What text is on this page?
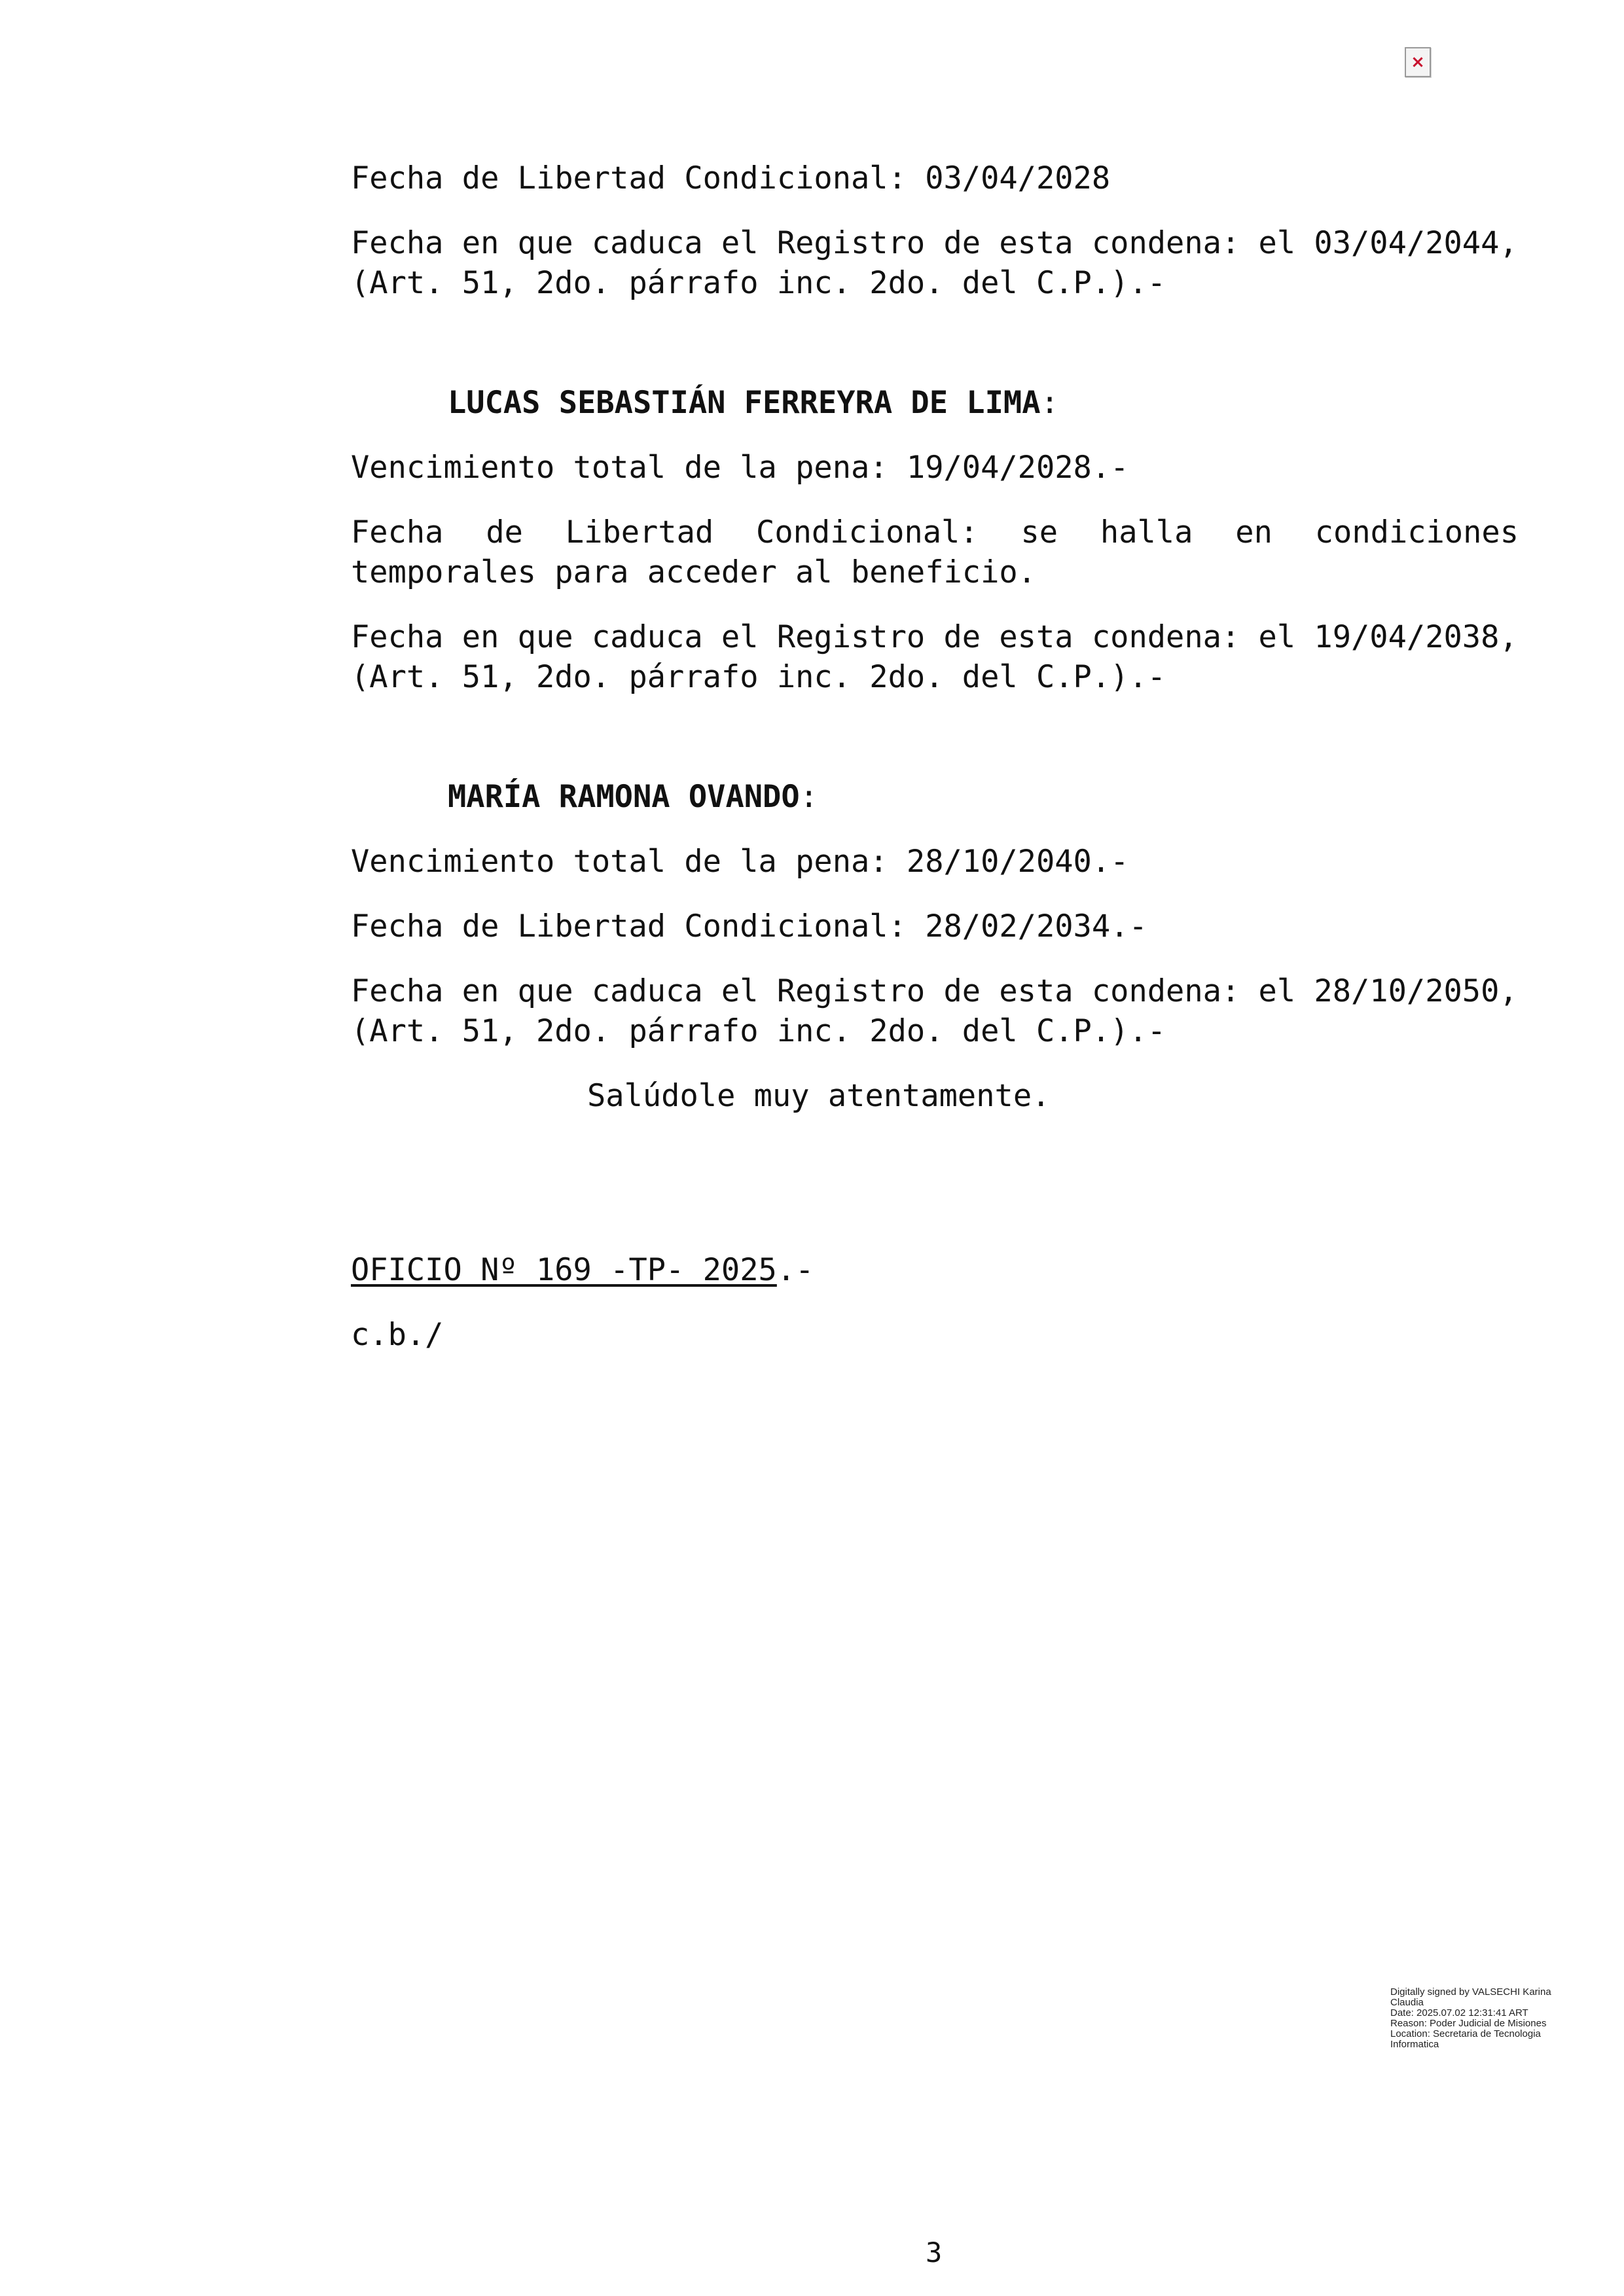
×

Fecha de Libertad Condicional: 03/04/2028

Fecha en que caduca el Registro de esta condena: el 03/04/2044,

(Art. 51, 2do. párrafo inc. 2do. del C.P.).-

LUCAS SEBASTIÁN FERREYRA DE LIMA:

Vencimiento total de la pena: 19/04/2028.-

Fecha de Libertad Condicional: se halla en condiciones
temporales para acceder al beneficio.

Fecha en que caduca el Registro de esta condena: el 19/04/2038,

(Art. 51, 2do. párrafo inc. 2do. del C.P.).-

MARÍA RAMONA OVANDO:

Vencimiento total de la pena: 28/10/2040.-

Fecha de Libertad Condicional: 28/02/2034.-

Fecha en que caduca el Registro de esta condena: el 28/10/2050,

(Art. 51, 2do. párrafo inc. 2do. del C.P.).-

Salúdole muy atentamente.

OFICIO Nº 169 -TP- 2025.-

c.b./

Digitally signed by VALSECHI Karina
Claudia
Date: 2025.07.02 12:31:41 ART
Reason: Poder Judicial de Misiones
Location: Secretaria de Tecnologia
Informatica
3
